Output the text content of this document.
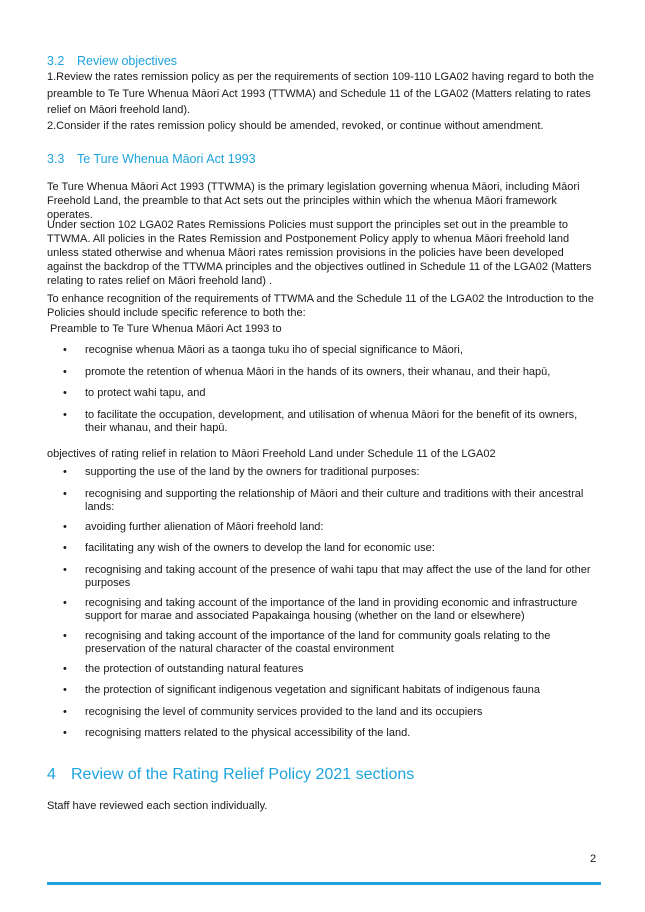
3.2 Review objectives

1.Review the rates remission policy as per the requirements of section 109-110 LGA02 having regard to both the preamble to Te Ture Whenua Māori Act 1993 (TTWMA) and Schedule 11 of the LGA02 (Matters relating to rates relief on Māori freehold land).

2.Consider if the rates remission policy should be amended, revoked, or continue without amendment.

3.3 Te Ture Whenua Māori Act 1993

Te Ture Whenua Māori Act 1993 (TTWMA) is the primary legislation governing whenua Māori, including Māori Freehold Land, the preamble to that Act sets out the principles within which the whenua Māori framework operates.

Under section 102 LGA02 Rates Remissions Policies must support the principles set out in the preamble to TTWMA. All policies in the Rates Remission and Postponement Policy apply to whenua Māori freehold land unless stated otherwise and whenua Māori rates remission provisions in the policies have been developed against the backdrop of the TTWMA principles and the objectives outlined in Schedule 11 of the LGA02 (Matters relating to rates relief on Māori freehold land) .

To enhance recognition of the requirements of TTWMA and the Schedule 11 of the LGA02 the Introduction to the Policies should include specific reference to both the:

Preamble to Te Ture Whenua Māori Act 1993 to

• recognise whenua Māori as a taonga tuku iho of special significance to Māori,
• promote the retention of whenua Māori in the hands of its owners, their whanau, and their hapū,
• to protect wahi tapu, and
• to facilitate the occupation, development, and utilisation of whenua Māori for the benefit of its owners, their whanau, and their hapū.

objectives of rating relief in relation to Māori Freehold Land under Schedule 11 of the LGA02

• supporting the use of the land by the owners for traditional purposes:
• recognising and supporting the relationship of Māori and their culture and traditions with their ancestral lands:
• avoiding further alienation of Māori freehold land:
• facilitating any wish of the owners to develop the land for economic use:
• recognising and taking account of the presence of wahi tapu that may affect the use of the land for other purposes
• recognising and taking account of the importance of the land in providing economic and infrastructure support for marae and associated Papakainga housing (whether on the land or elsewhere)
• recognising and taking account of the importance of the land for community goals relating to the preservation of the natural character of the coastal environment
• the protection of outstanding natural features
• the protection of significant indigenous vegetation and significant habitats of indigenous fauna
• recognising the level of community services provided to the land and its occupiers
• recognising matters related to the physical accessibility of the land.
4 Review of the Rating Relief Policy 2021 sections

Staff have reviewed each section individually.

2
